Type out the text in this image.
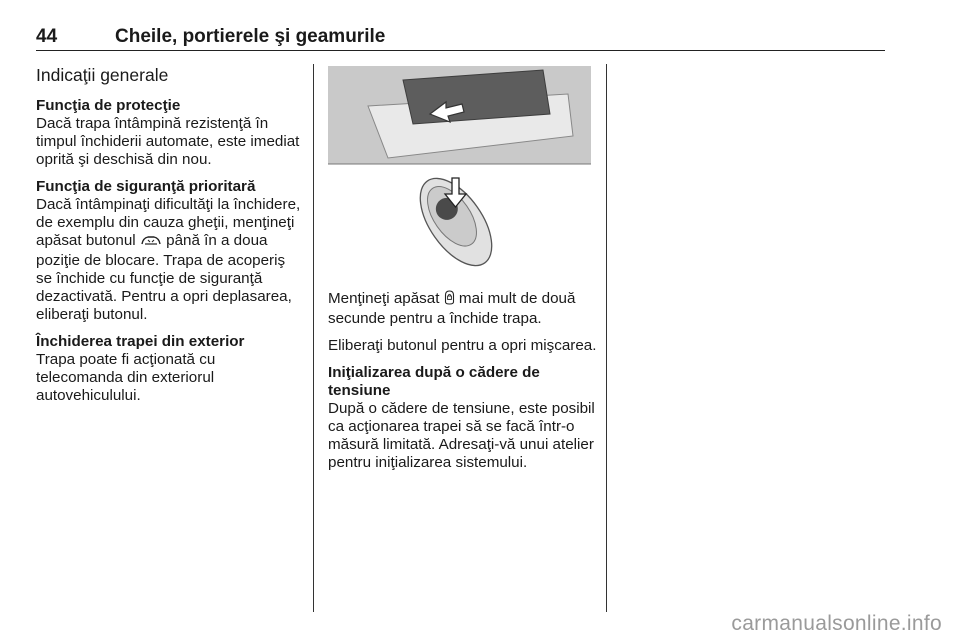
44	Cheile, portierele şi geamurile
Indicaţii generale

Funcţia de protecţie
Dacă trapa întâmpină rezistenţă în timpul închiderii automate, este imediat oprită şi deschisă din nou.

Funcţia de siguranţă prioritară
Dacă întâmpinaţi dificultăţi la închidere, de exemplu din cauza gheţii, menţineţi apăsat butonul până în a doua poziţie de blocare. Trapa de acoperiş se închide cu funcţie de siguranţă dezactivată. Pentru a opri deplasarea, eliberaţi butonul.

Închiderea trapei din exterior
Trapa poate fi acţionată cu telecomanda din exteriorul autovehiculului.

Menţineţi apăsat mai mult de două secunde pentru a închide trapa.

Eliberaţi butonul pentru a opri mişcarea.

Iniţializarea după o cădere de tensiune
După o cădere de tensiune, este posibil ca acţionarea trapei să se facă într-o măsură limitată. Adresaţi-vă unui atelier pentru iniţializarea sistemului.

carmanualsonline.info
